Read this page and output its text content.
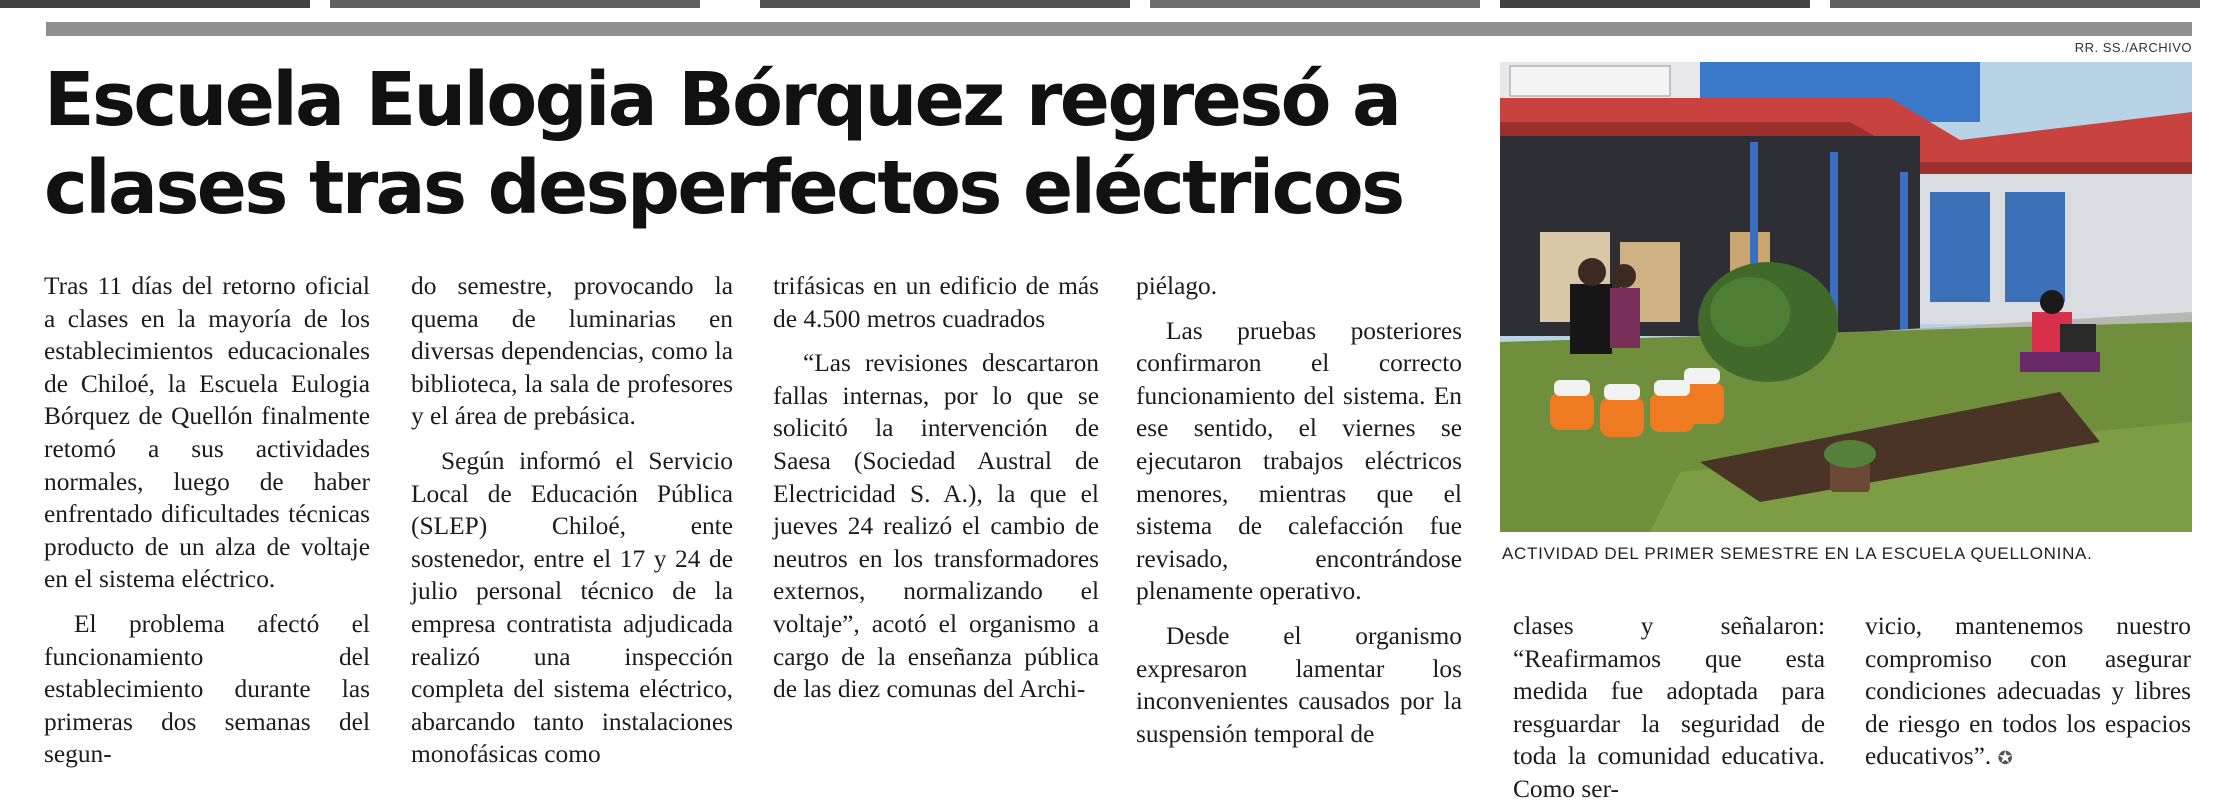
Escuela Eulogia Bórquez regresó a clases tras desperfectos eléctricos
RR. SS./ARCHIVO
ACTIVIDAD DEL PRIMER SEMESTRE EN LA ESCUELA QUELLONINA.

Tras 11 días del retorno oficial a clases en la mayoría de los establecimientos educacionales de Chiloé, la Escuela Eulogia Bórquez de Quellón finalmente retomó a sus actividades normales, luego de haber enfrentado dificultades técnicas producto de un alza de voltaje en el sistema eléctrico.

El problema afectó el funcionamiento del establecimiento durante las primeras dos semanas del segun-

do semestre, provocando la quema de luminarias en diversas dependencias, como la biblioteca, la sala de profesores y el área de prebásica.

Según informó el Servicio Local de Educación Pública (SLEP) Chiloé, ente sostenedor, entre el 17 y 24 de julio personal técnico de la empresa contratista adjudicada realizó una inspección completa del sistema eléctrico, abarcando tanto instalaciones monofásicas como

trifásicas en un edificio de más de 4.500 metros cuadrados

“Las revisiones descartaron fallas internas, por lo que se solicitó la intervención de Saesa (Sociedad Austral de Electricidad S. A.), la que el jueves 24 realizó el cambio de neutros en los transformadores externos, normalizando el voltaje”, acotó el organismo a cargo de la enseñanza pública de las diez comunas del Archi-

piélago.

Las pruebas posteriores confirmaron el correcto funcionamiento del sistema. En ese sentido, el viernes se ejecutaron trabajos eléctricos menores, mientras que el sistema de calefacción fue revisado, encontrándose plenamente operativo.

Desde el organismo expresaron lamentar los inconvenientes causados por la suspensión temporal de

clases y señalaron: “Reafirmamos que esta medida fue adoptada para resguardar la seguridad de toda la comunidad educativa. Como ser-

vicio, mantenemos nuestro compromiso con asegurar condiciones adecuadas y libres de riesgo en todos los espacios educativos”. ✪
